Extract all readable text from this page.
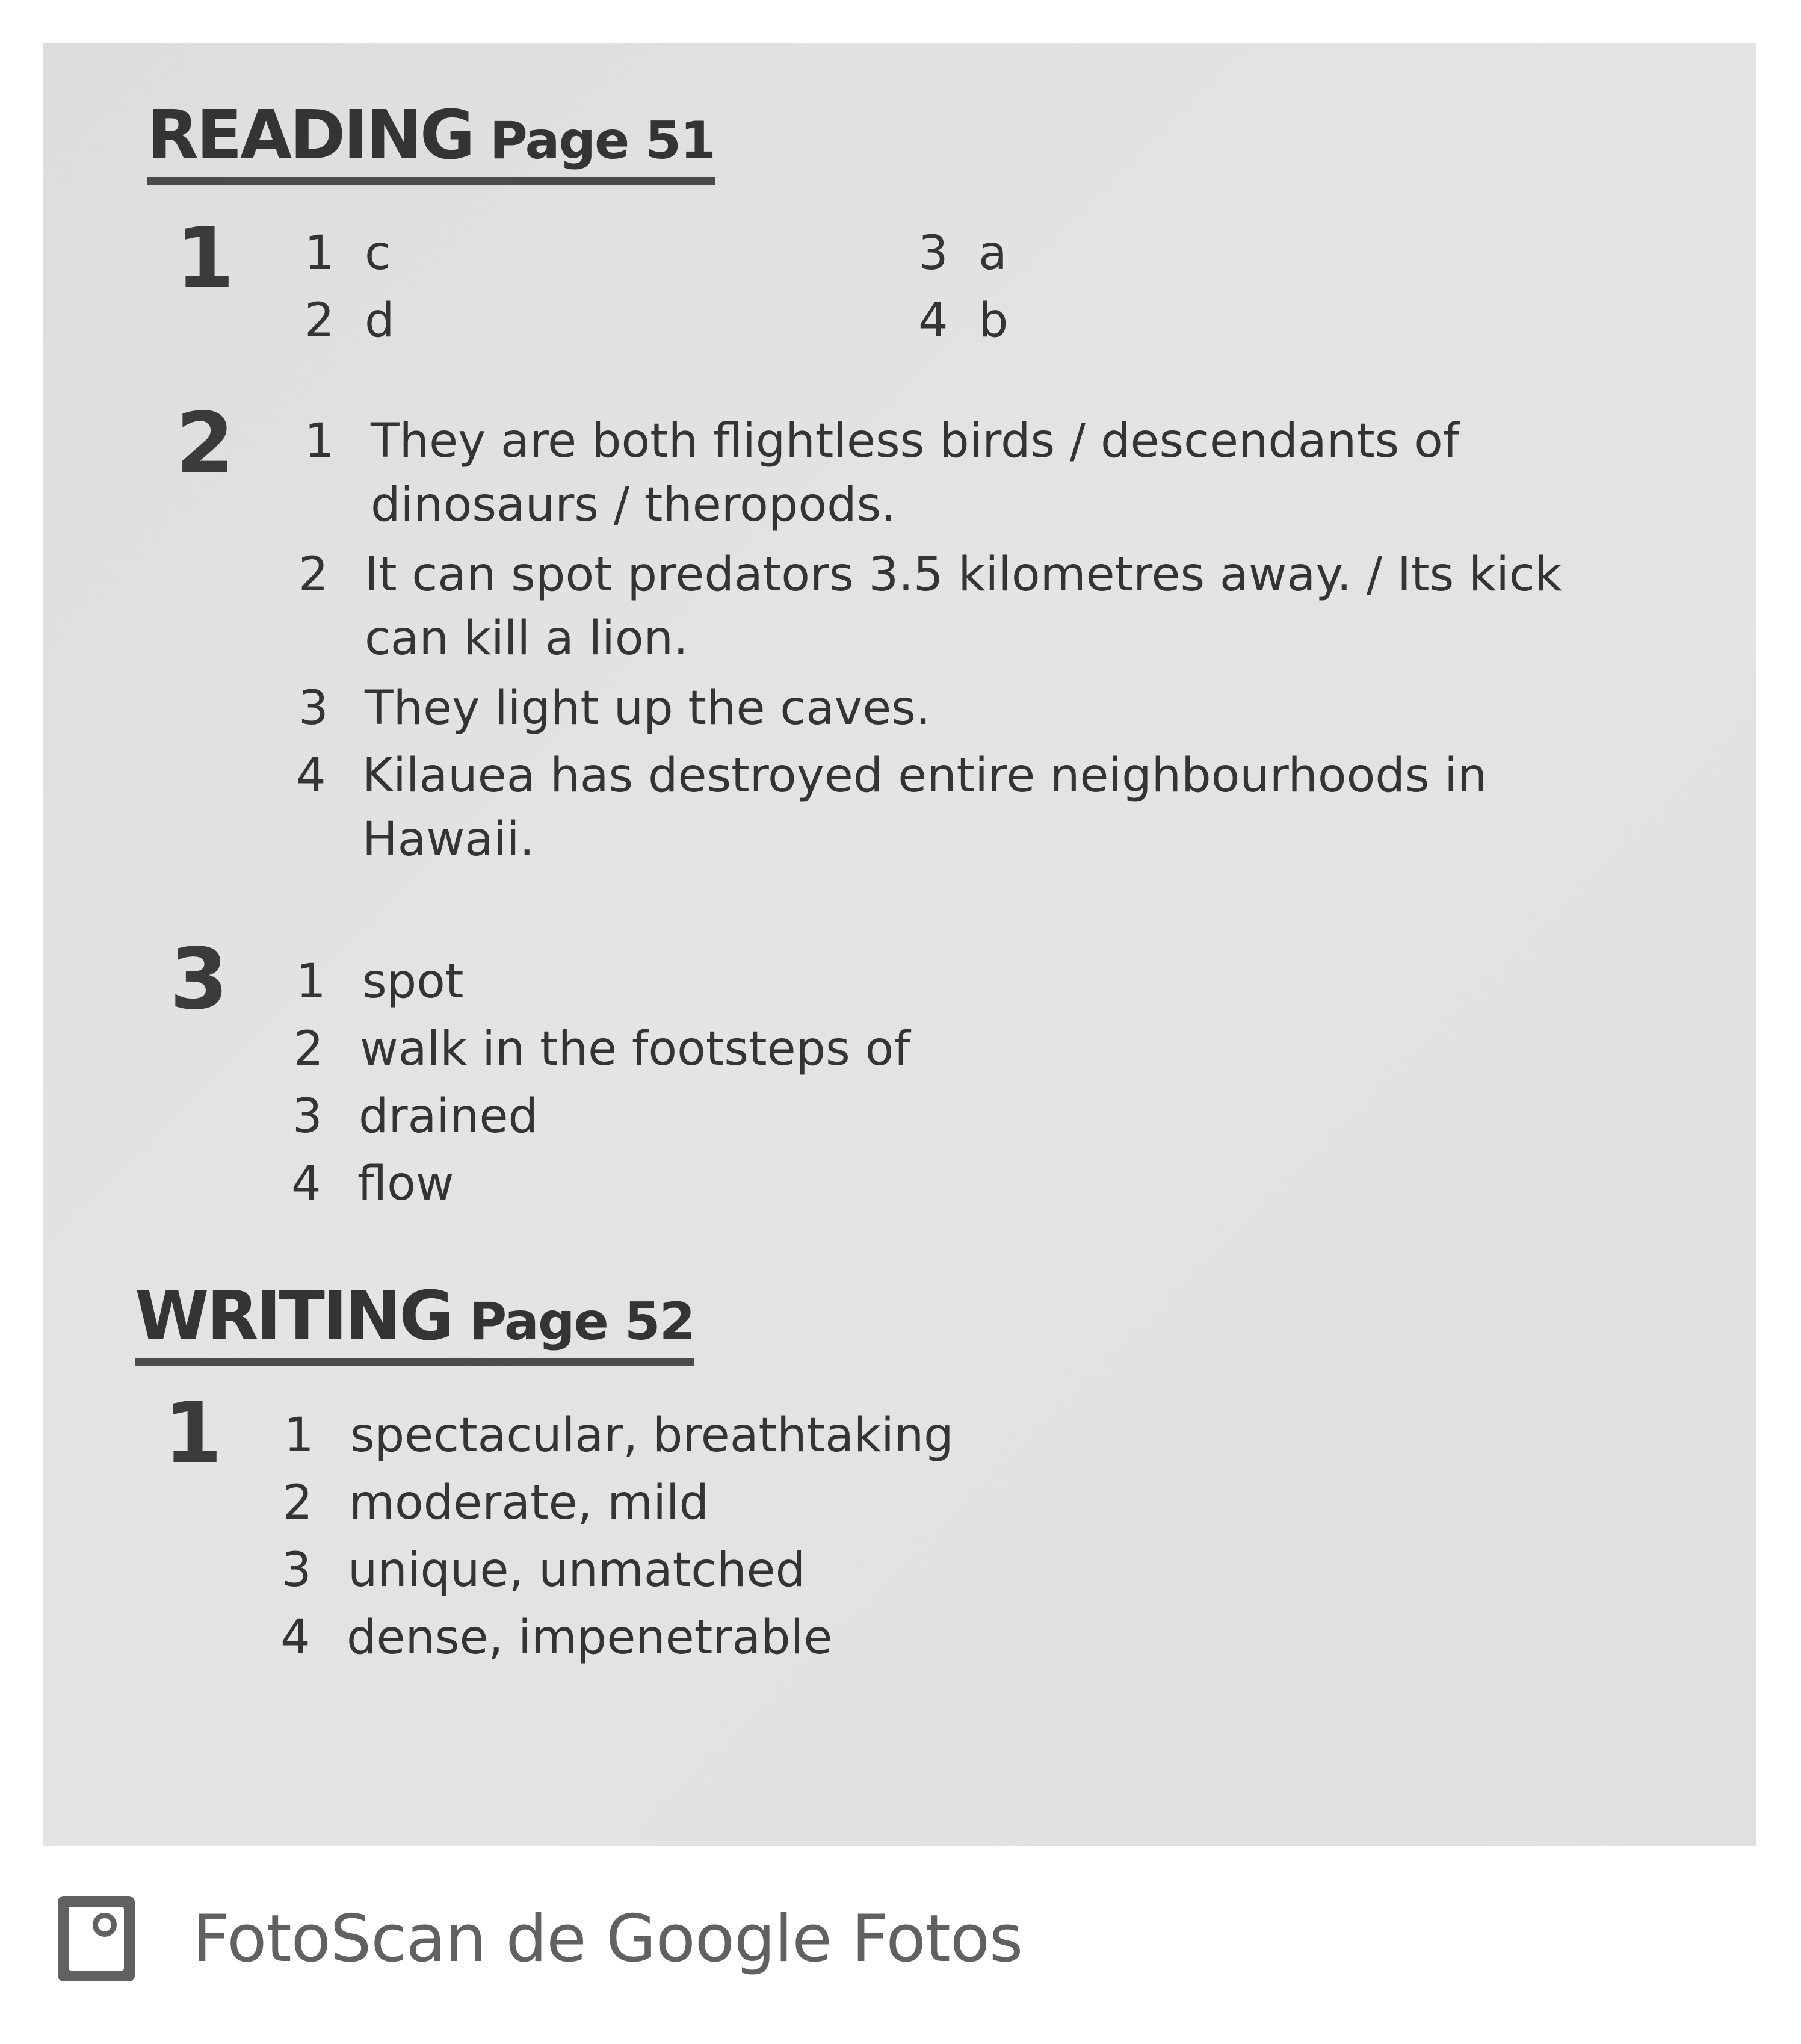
READING Page 51
1 1 c
2 d
3 a
4 b
2 1 They are both flightless birds / descendants of
dinosaurs / theropods.
2 It can spot predators 3.5 kilometres away. / Its kick
can kill a lion.
3 They light up the caves.
4 Kilauea has destroyed entire neighbourhoods in
Hawaii.
3 1 spot
2 walk in the footsteps of
3 drained
4 flow
WRITING Page 52
1 1 spectacular, breathtaking
2 moderate, mild
3 unique, unmatched
4 dense, impenetrable
FotoScan de Google Fotos
